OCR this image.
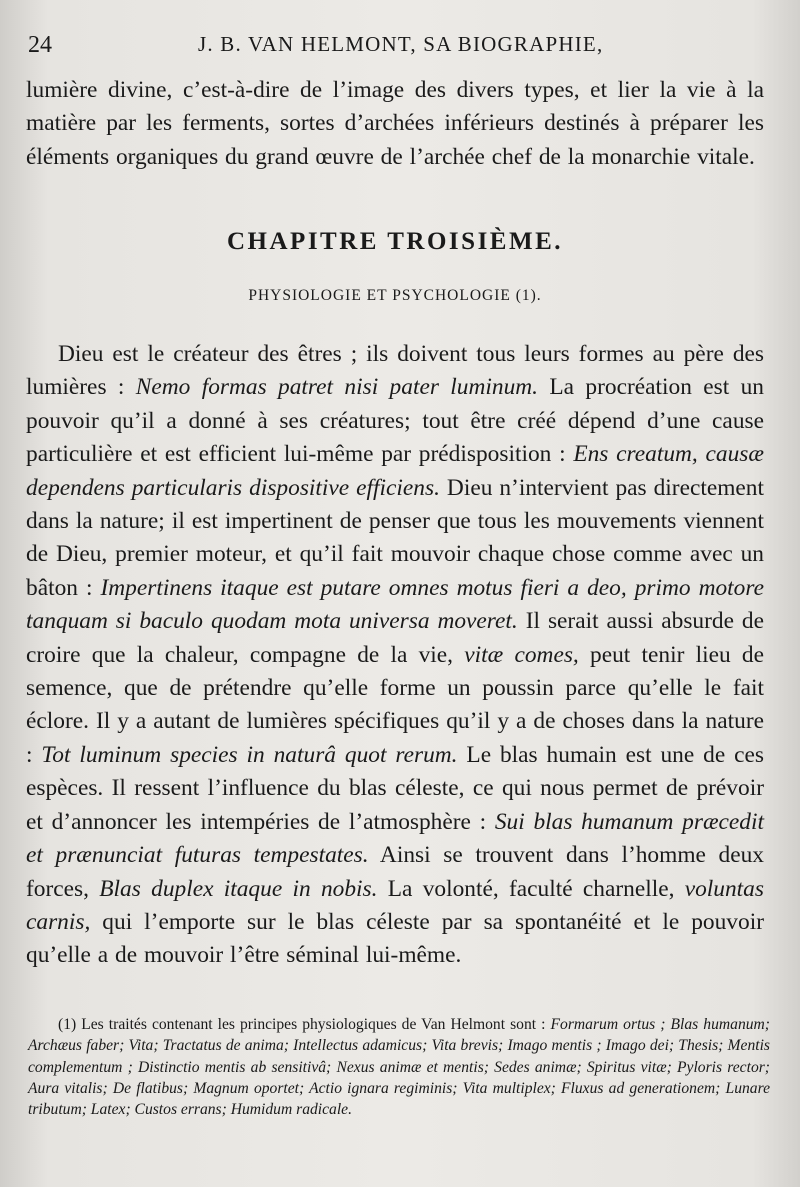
24	J. B. VAN HELMONT, SA BIOGRAPHIE,
lumière divine, c’est-à-dire de l’image des divers types, et lier la vie à la matière par les ferments, sortes d’archées inférieurs destinés à préparer les éléments organiques du grand œuvre de l’archée chef de la monarchie vitale.
CHAPITRE TROISIÈME.
PHYSIOLOGIE ET PSYCHOLOGIE (1).
Dieu est le créateur des êtres ; ils doivent tous leurs formes au père des lumières : Nemo formas patret nisi pater luminum. La procréation est un pouvoir qu’il a donné à ses créatures; tout être créé dépend d’une cause particulière et est efficient lui-même par prédisposition : Ens creatum, causæ dependens particularis dispositive efficiens. Dieu n’intervient pas directement dans la nature; il est impertinent de penser que tous les mouvements viennent de Dieu, premier moteur, et qu’il fait mouvoir chaque chose comme avec un bâton : Impertinens itaque est putare omnes motus fieri a deo, primo motore tanquam si baculo quodam mota universa moveret. Il serait aussi absurde de croire que la chaleur, compagne de la vie, vitæ comes, peut tenir lieu de semence, que de prétendre qu’elle forme un poussin parce qu’elle le fait éclore. Il y a autant de lumières spécifiques qu’il y a de choses dans la nature : Tot luminum species in naturâ quot rerum. Le blas humain est une de ces espèces. Il ressent l’influence du blas céleste, ce qui nous permet de prévoir et d’annoncer les intempéries de l’atmosphère : Sui blas humanum præcedit et prænunciat futuras tempestates. Ainsi se trouvent dans l’homme deux forces, Blas duplex itaque in nobis. La volonté, faculté charnelle, voluntas carnis, qui l’emporte sur le blas céleste par sa spontanéité et le pouvoir qu’elle a de mouvoir l’être séminal lui-même.
(1) Les traités contenant les principes physiologiques de Van Helmont sont : Formarum ortus ; Blas humanum; Archæus faber; Vita; Tractatus de anima; Intellectus adamicus; Vita brevis; Imago mentis ; Imago dei; Thesis; Mentis complementum ; Distinctio mentis ab sensitivâ; Nexus animæ et mentis; Sedes animæ; Spiritus vitæ; Pyloris rector; Aura vitalis; De flatibus; Magnum oportet; Actio ignara regiminis; Vita multiplex; Fluxus ad generationem; Lunare tributum; Latex; Custos errans; Humidum radicale.
